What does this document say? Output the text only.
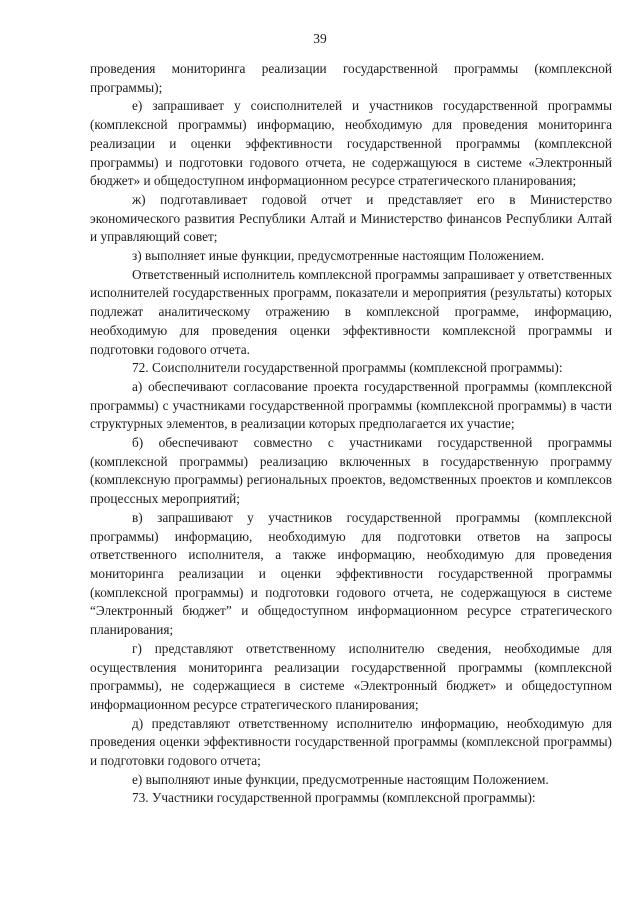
39

проведения мониторинга реализации государственной программы (комплексной программы);

е) запрашивает у соисполнителей и участников государственной программы (комплексной программы) информацию, необходимую для проведения мониторинга реализации и оценки эффективности государственной программы (комплексной программы) и подготовки годового отчета, не содержащуюся в системе «Электронный бюджет» и общедоступном информационном ресурсе стратегического планирования;

ж) подготавливает годовой отчет и представляет его в Министерство экономического развития Республики Алтай и Министерство финансов Республики Алтай и управляющий совет;

з) выполняет иные функции, предусмотренные настоящим Положением.

Ответственный исполнитель комплексной программы запрашивает у ответственных исполнителей государственных программ, показатели и мероприятия (результаты) которых подлежат аналитическому отражению в комплексной программе, информацию, необходимую для проведения оценки эффективности комплексной программы и подготовки годового отчета.

72. Соисполнители государственной программы (комплексной программы):

а) обеспечивают согласование проекта государственной программы (комплексной программы) с участниками государственной программы (комплексной программы) в части структурных элементов, в реализации которых предполагается их участие;

б) обеспечивают совместно с участниками государственной программы (комплексной программы) реализацию включенных в государственную программу (комплексную программы) региональных проектов, ведомственных проектов и комплексов процессных мероприятий;

в) запрашивают у участников государственной программы (комплексной программы) информацию, необходимую для подготовки ответов на запросы ответственного исполнителя, а также информацию, необходимую для проведения мониторинга реализации и оценки эффективности государственной программы (комплексной программы) и подготовки годового отчета, не содержащуюся в системе “Электронный бюджет” и общедоступном информационном ресурсе стратегического планирования;

г) представляют ответственному исполнителю сведения, необходимые для осуществления мониторинга реализации государственной программы (комплексной программы), не содержащиеся в системе «Электронный бюджет» и общедоступном информационном ресурсе стратегического планирования;

д) представляют ответственному исполнителю информацию, необходимую для проведения оценки эффективности государственной программы (комплексной программы) и подготовки годового отчета;

е) выполняют иные функции, предусмотренные настоящим Положением.

73. Участники государственной программы (комплексной программы):
